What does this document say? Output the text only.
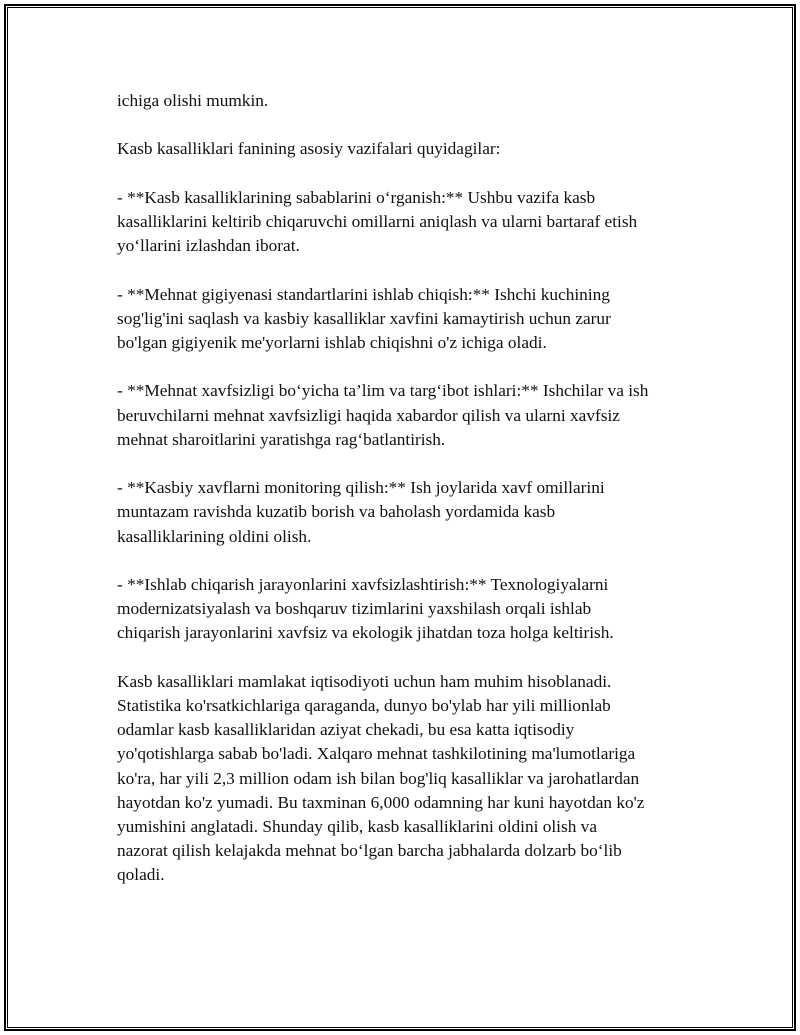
ichiga olishi mumkin.

Kasb kasalliklari fanining asosiy vazifalari quyidagilar:

- **Kasb kasalliklarining sabablarini o‘rganish:** Ushbu vazifa kasb
kasalliklarini keltirib chiqaruvchi omillarni aniqlash va ularni bartaraf etish
yo‘llarini izlashdan iborat.

- **Mehnat gigiyenasi standartlarini ishlab chiqish:** Ishchi kuchining
sog'lig'ini saqlash va kasbiy kasalliklar xavfini kamaytirish uchun zarur
bo'lgan gigiyenik me'yorlarni ishlab chiqishni o'z ichiga oladi.

- **Mehnat xavfsizligi bo‘yicha ta’lim va targ‘ibot ishlari:** Ishchilar va ish
beruvchilarni mehnat xavfsizligi haqida xabardor qilish va ularni xavfsiz
mehnat sharoitlarini yaratishga rag‘batlantirish.

- **Kasbiy xavflarni monitoring qilish:** Ish joylarida xavf omillarini
muntazam ravishda kuzatib borish va baholash yordamida kasb
kasalliklarining oldini olish.

- **Ishlab chiqarish jarayonlarini xavfsizlashtirish:** Texnologiyalarni
modernizatsiyalash va boshqaruv tizimlarini yaxshilash orqali ishlab
chiqarish jarayonlarini xavfsiz va ekologik jihatdan toza holga keltirish.

Kasb kasalliklari mamlakat iqtisodiyoti uchun ham muhim hisoblanadi.
Statistika ko'rsatkichlariga qaraganda, dunyo bo'ylab har yili millionlab
odamlar kasb kasalliklaridan aziyat chekadi, bu esa katta iqtisodiy
yo'qotishlarga sabab bo'ladi. Xalqaro mehnat tashkilotining ma'lumotlariga
ko'ra, har yili 2,3 million odam ish bilan bog'liq kasalliklar va jarohatlardan
hayotdan ko'z yumadi. Bu taxminan 6,000 odamning har kuni hayotdan ko'z
yumishini anglatadi. Shunday qilib, kasb kasalliklarini oldini olish va
nazorat qilish kelajakda mehnat bo‘lgan barcha jabhalarda dolzarb bo‘lib
qoladi.
